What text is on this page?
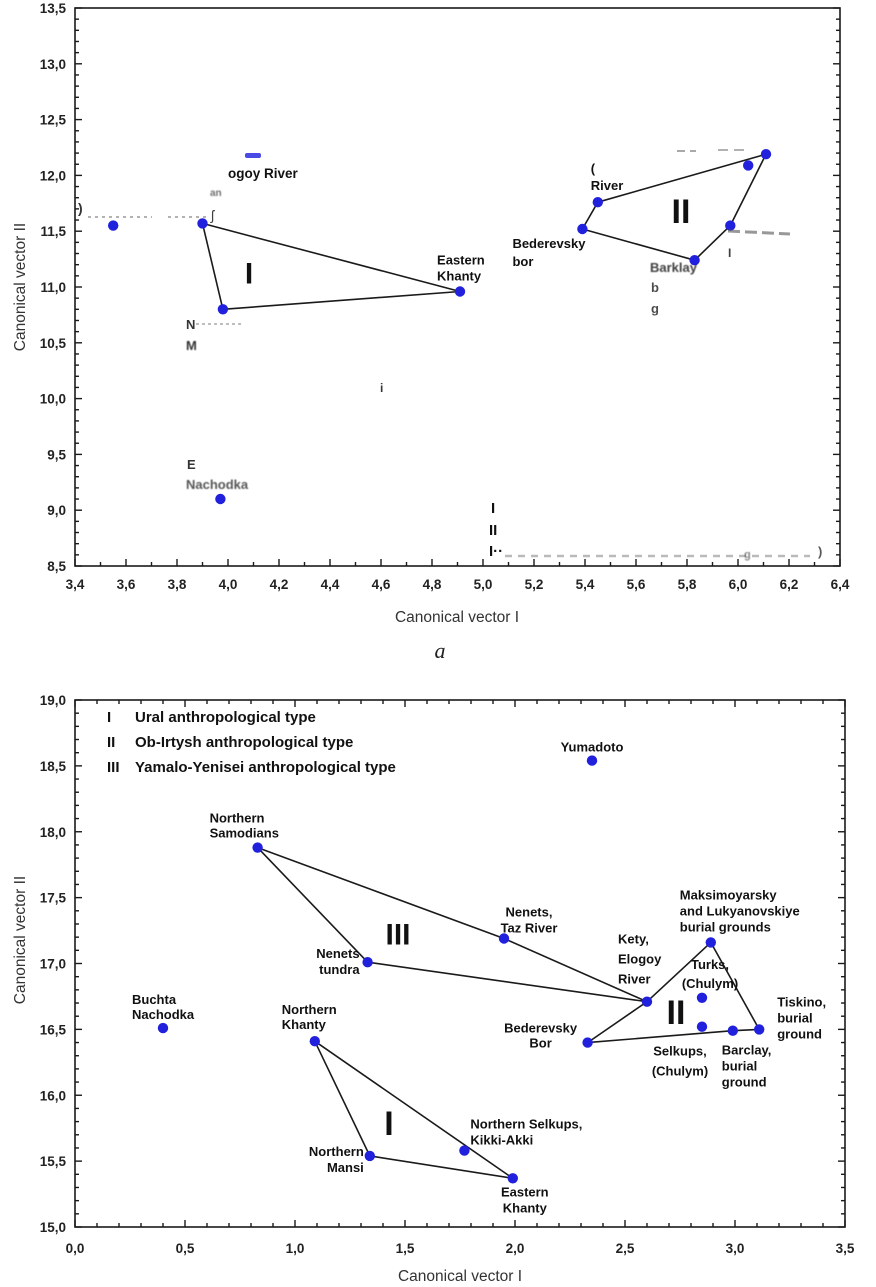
3,4 3,6 3,8 4,0 4,2 4,4 4,6 4,8 5,0 5,2 5,4 5,6 5,8 6,0 6,2 6,4
8,5
9,0
9,5
10,0
10,5
11,0
11,5
12,0
12,5
13,0
13,5
Canonical vector I
Canonical vector II	Eastern
Khanty
Bederevsky
bor
(
River
I
II
ogoy River
)	ʃ
an
Barklay
b
g
I
i
N
M
E
Nachodka
I
II
I··	g	)
0,0	0,5	1,0	1,5	2,0	2,5	3,0	3,5
15,0
15,5
16,0
16,5
17,0
17,5
18,0
18,5
19,0
Canonical vector I
Canonical vector II	Buchta
Nachodka
Northern
Samodians
Northern
Khanty
Nenets
tundra
Northern
Mansi
Northern Selkups,
Kikki-Akki
Nenets,
Taz River
Eastern
Khanty
Yumadoto
Bederevsky
Bor
Kety,
Elogoy
River
Turks,
(Chulym)
Selkups,
(Chulym)
Maksimoyarsky
and Lukyanovskiye
burial grounds
Barclay,
burial
ground
Tiskino,
burial
ground
I
II
III
I Ural anthropological type
II Ob-Irtysh anthropological type
III Yamalo-Yenisei anthropological type
a
